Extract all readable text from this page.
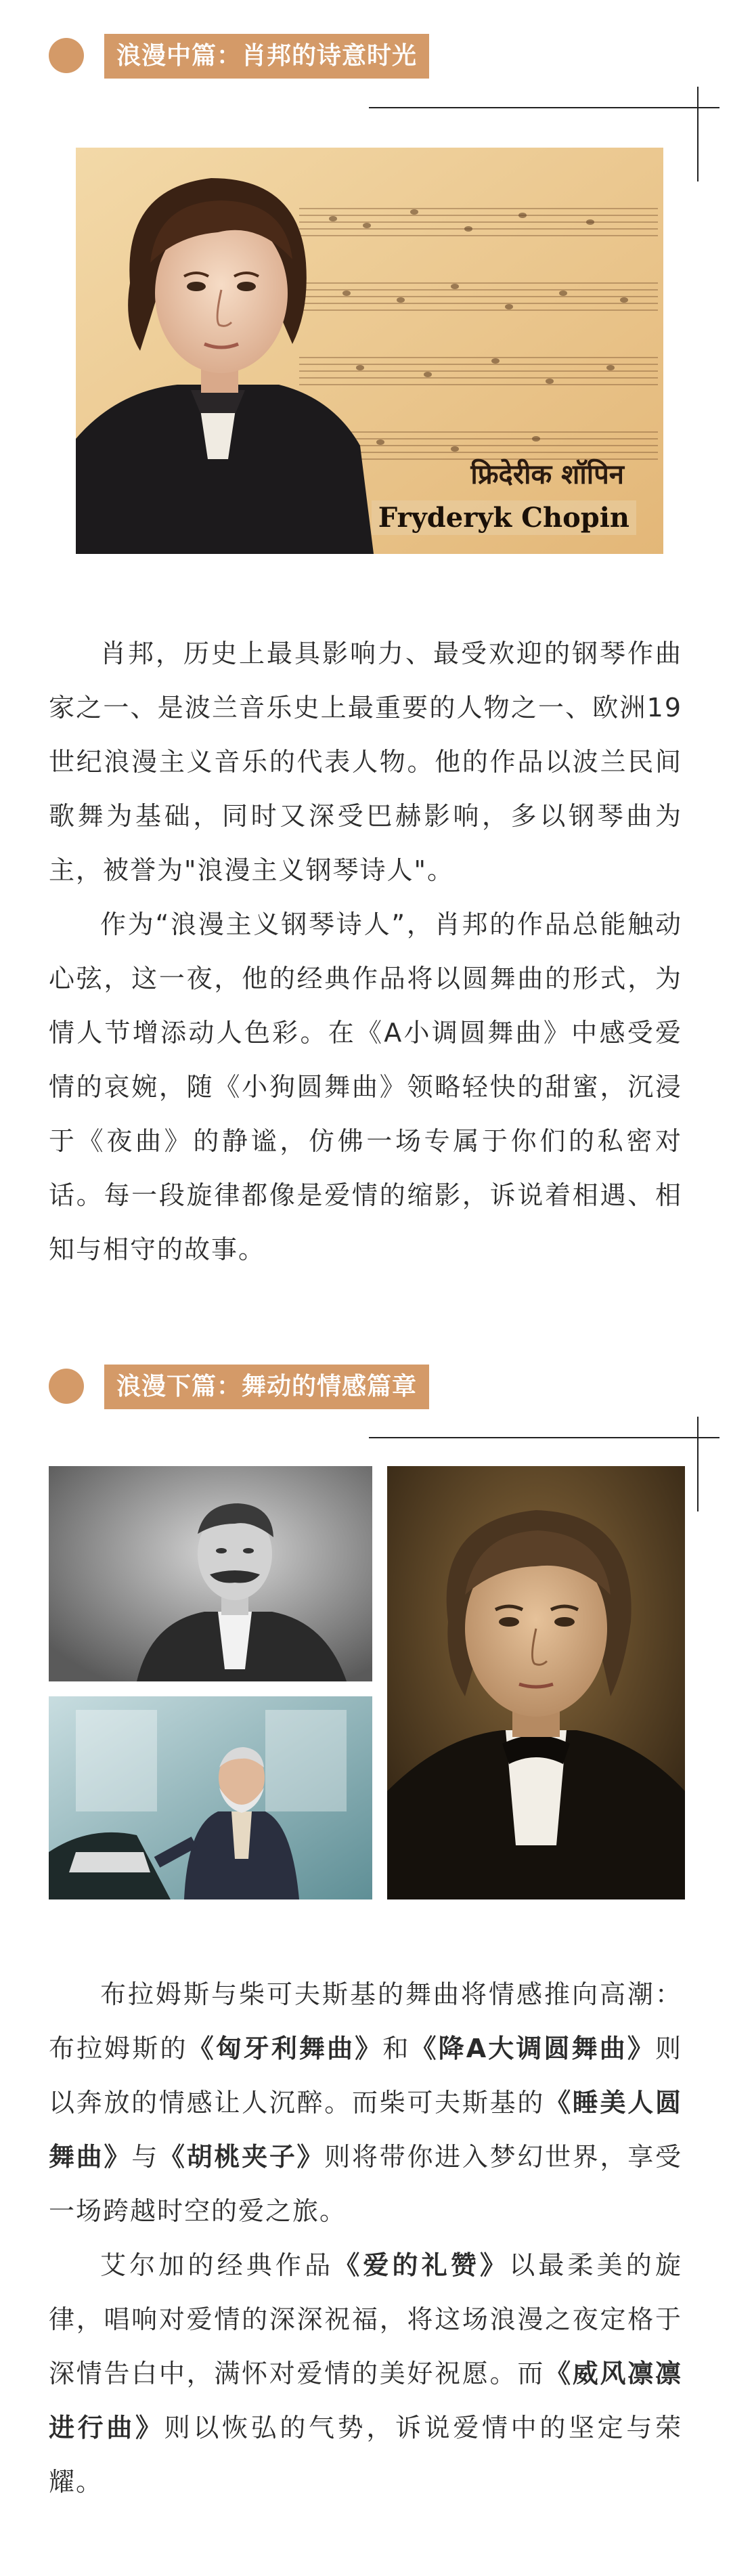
浪漫中篇：肖邦的诗意时光
फ्रिदेरीक शॉपिन
Fryderyk Chopin

肖邦，历史上最具影响力、最受欢迎的钢琴作曲家之一、是波兰音乐史上最重要的人物之一、欧洲19世纪浪漫主义音乐的代表人物。他的作品以波兰民间歌舞为基础，同时又深受巴赫影响，多以钢琴曲为主，被誉为"浪漫主义钢琴诗人"。

作为“浪漫主义钢琴诗人”，肖邦的作品总能触动心弦，这一夜，他的经典作品将以圆舞曲的形式，为情人节增添动人色彩。在《A小调圆舞曲》中感受爱情的哀婉，随《小狗圆舞曲》领略轻快的甜蜜，沉浸于《夜曲》的静谧，仿佛一场专属于你们的私密对话。每一段旋律都像是爱情的缩影，诉说着相遇、相知与相守的故事。

浪漫下篇：舞动的情感篇章

布拉姆斯与柴可夫斯基的舞曲将情感推向高潮：布拉姆斯的《匈牙利舞曲》和《降A大调圆舞曲》则以奔放的情感让人沉醉。而柴可夫斯基的《睡美人圆舞曲》与《胡桃夹子》则将带你进入梦幻世界，享受一场跨越时空的爱之旅。

艾尔加的经典作品《爱的礼赞》以最柔美的旋律，唱响对爱情的深深祝福，将这场浪漫之夜定格于深情告白中，满怀对爱情的美好祝愿。而《威风凛凛进行曲》则以恢弘的气势，诉说爱情中的坚定与荣耀。
